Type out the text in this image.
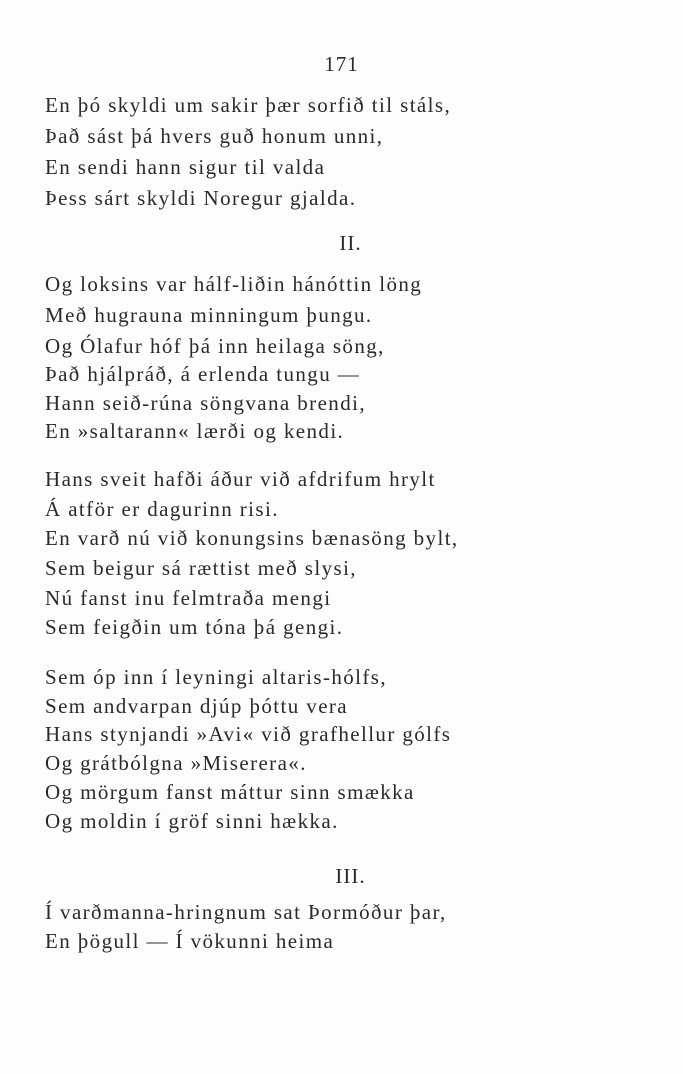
171
En þó skyldi um sakir þær sorfið til stáls,
Það sást þá hvers guð honum unni,
En sendi hann sigur til valda
Þess sárt skyldi Noregur gjalda.
II.
Og loksins var hálf-liðin hánóttin löng
Með hugrauna minningum þungu.
Og Ólafur hóf þá inn heilaga söng,
Það hjálpráð, á erlenda tungu —
Hann seið-rúna söngvana brendi,
En »saltarann« lærði og kendi.
Hans sveit hafði áður við afdrifum hrylt
Á atför er dagurinn risi.
En varð nú við konungsins bænasöng bylt,
Sem beigur sá rættist með slysi,
Nú fanst inu felmtraða mengi
Sem feigðin um tóna þá gengi.
Sem óp inn í leyningi altaris-hólfs,
Sem andvarpan djúp þóttu vera
Hans stynjandi »Avi« við grafhellur gólfs
Og grátbólgna »Miserera«.
Og mörgum fanst máttur sinn smækka
Og moldin í gröf sinni hækka.
III.
Í varðmanna-hringnum sat Þormóður þar,
En þögull — Í vökunni heima
